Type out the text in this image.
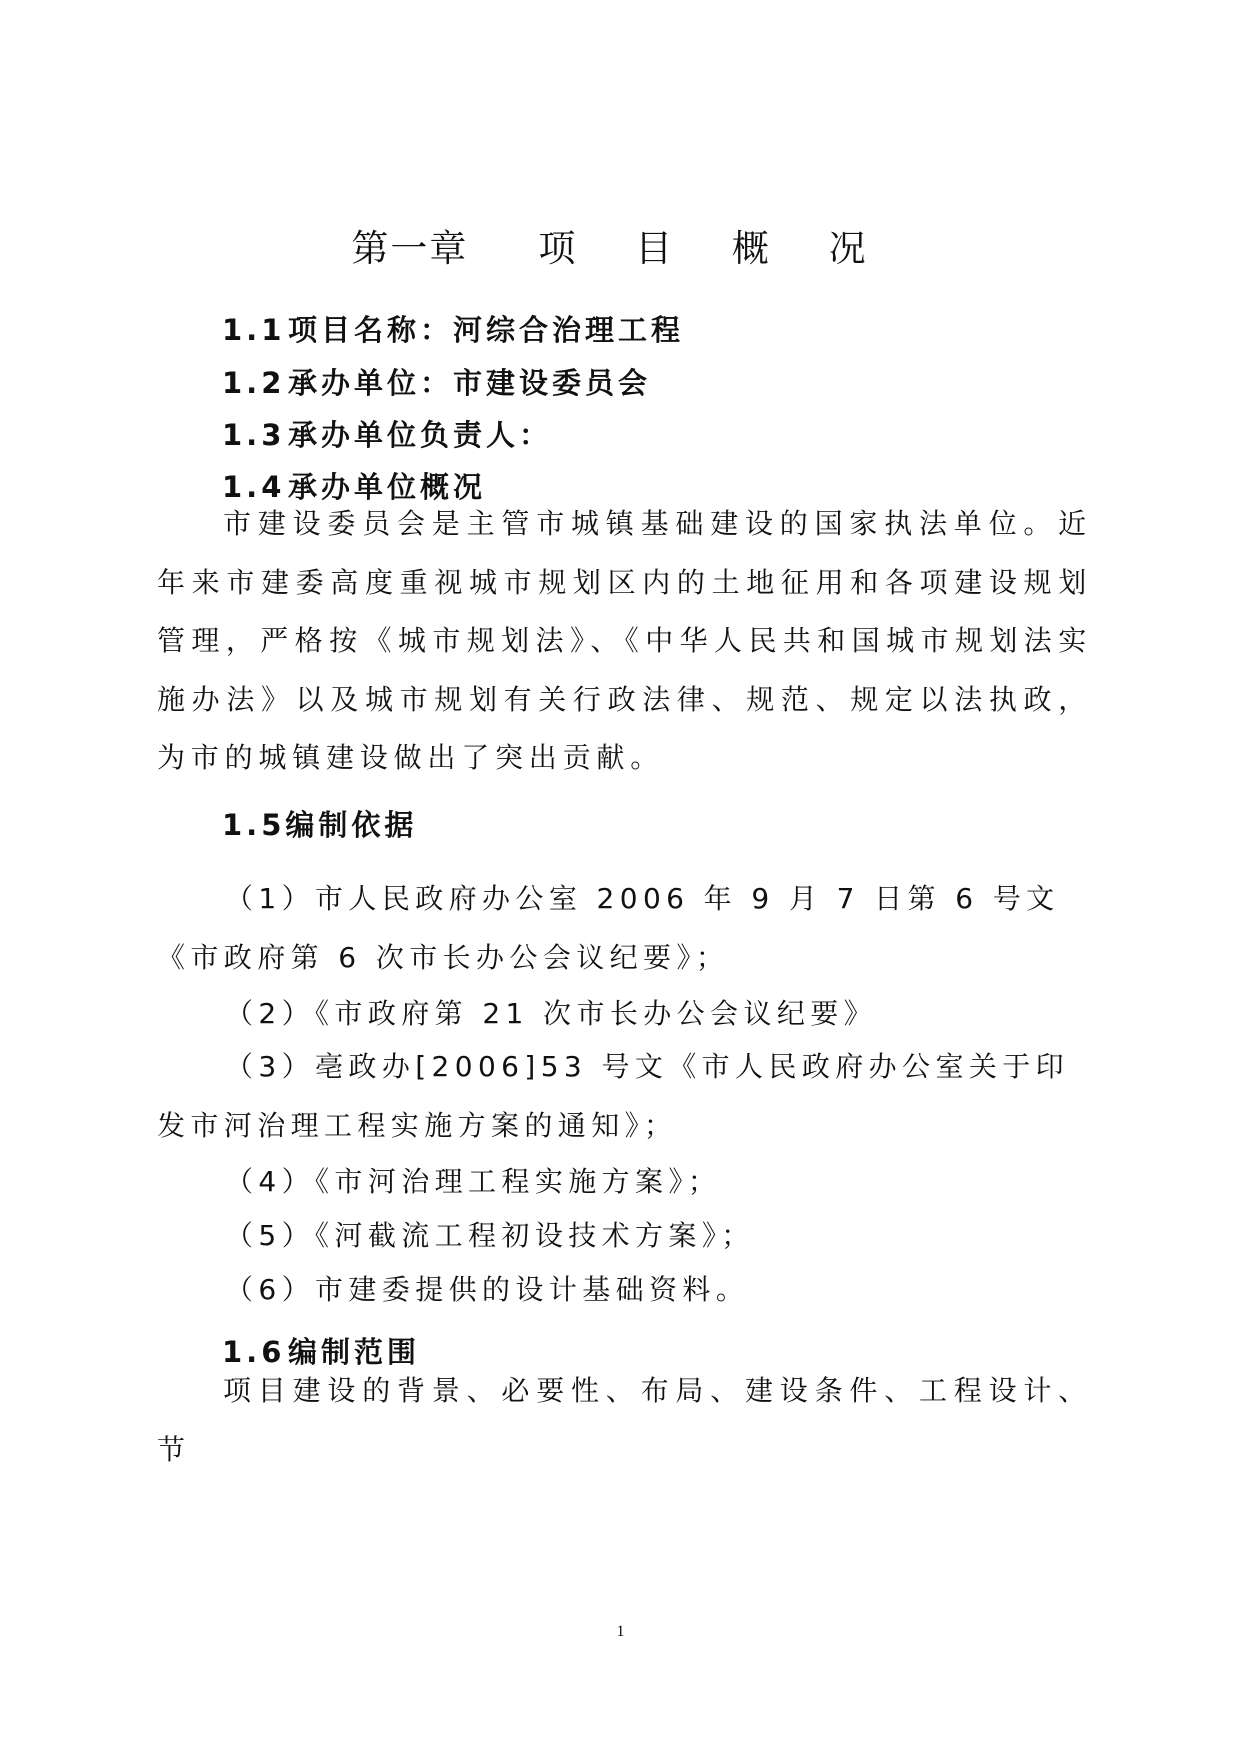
第一章 项 目 概 况
1.1项目名称：河综合治理工程
1.2承办单位：市建设委员会
1.3承办单位负责人：
1.4承办单位概况

市建设委员会是主管市城镇基础建设的国家执法单位。近年来市建委高度重视城市规划区内的土地征用和各项建设规划管理，严格按《城市规划法》、《中华人民共和国城市规划法实施办法》以及城市规划有关行政法律、规范、规定以法执政，为市的城镇建设做出了突出贡献。

1.5编制依据

（1）市人民政府办公室 2006 年 9 月 7 日第 6 号文《市政府第 6 次市长办公会议纪要》；

（2）《市政府第 21 次市长办公会议纪要》

（3）亳政办[2006]53 号文《市人民政府办公室关于印发市河治理工程实施方案的通知》；

（4）《市河治理工程实施方案》；

（5）《河截流工程初设技术方案》；

（6）市建委提供的设计基础资料。

1.6编制范围

项目建设的背景、必要性、布局、建设条件、工程设计、节

1
